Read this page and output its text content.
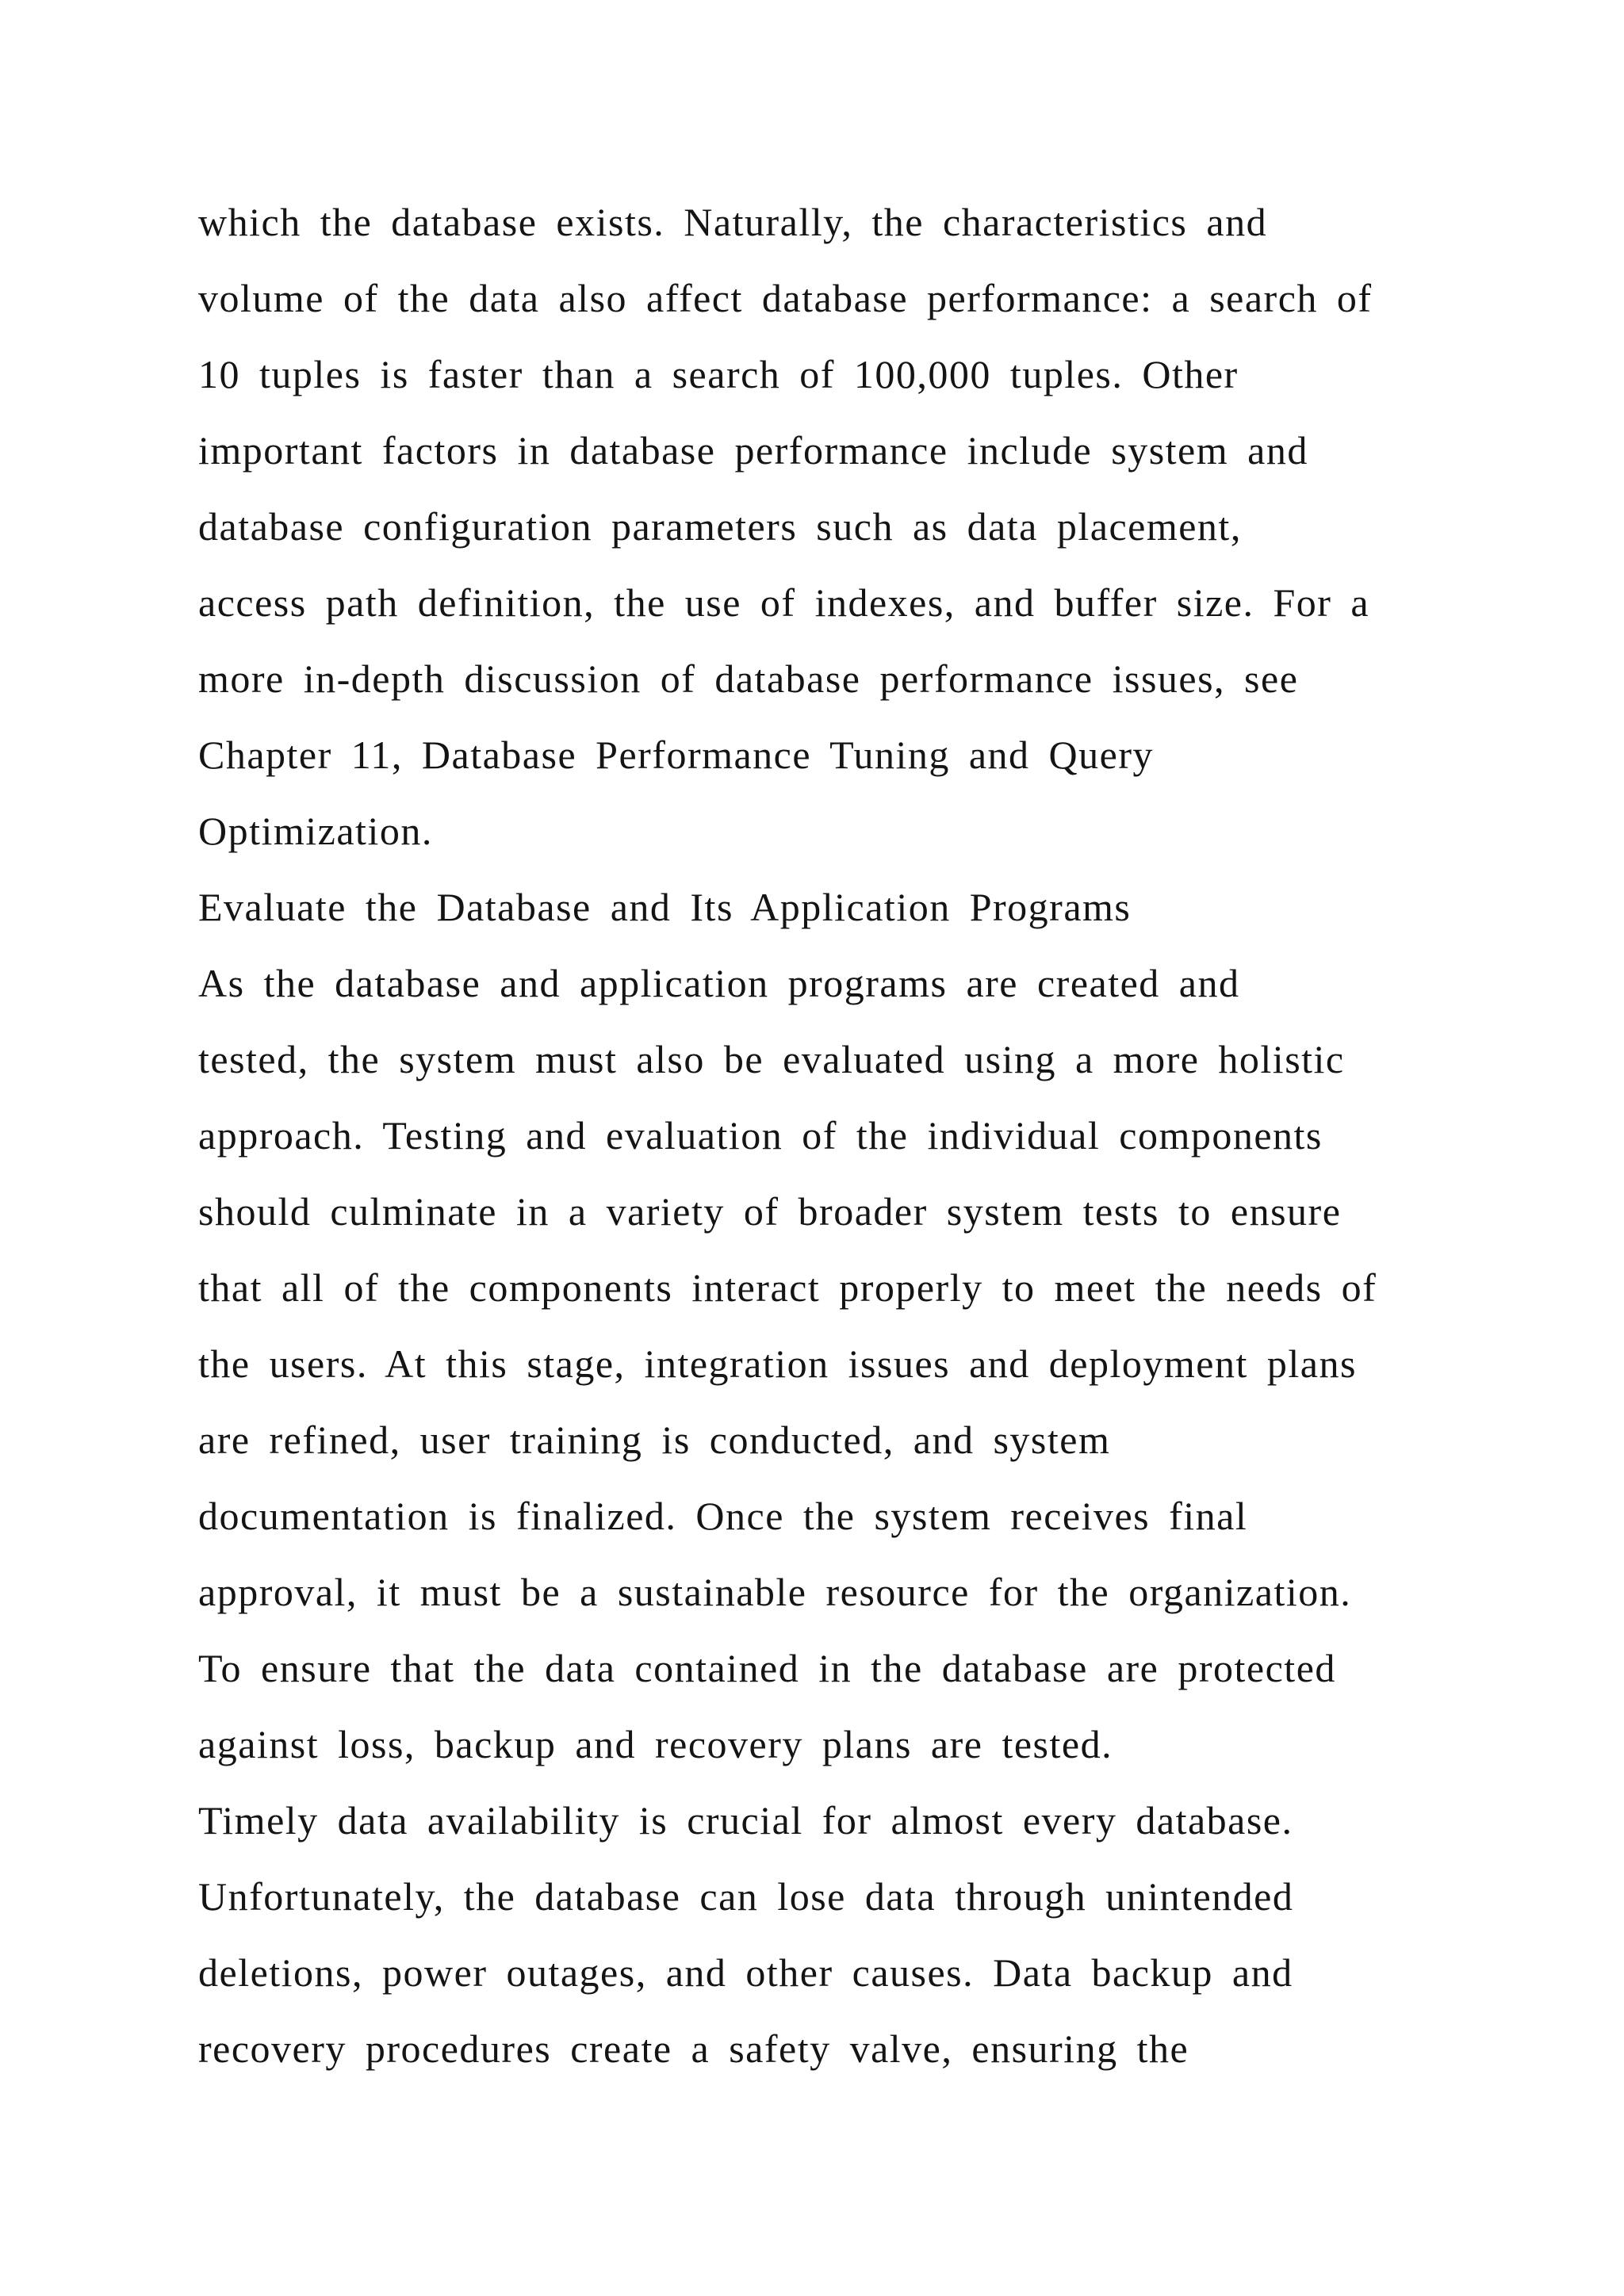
which the database exists. Naturally, the characteristics and
volume of the data also affect database performance: a search of
10 tuples is faster than a search of 100,000 tuples. Other
important factors in database performance include system and
database configuration parameters such as data placement,
access path definition, the use of indexes, and buffer size. For a
more in-depth discussion of database performance issues, see
Chapter 11, Database Performance Tuning and Query
Optimization.
Evaluate the Database and Its Application Programs
As the database and application programs are created and
tested, the system must also be evaluated using a more holistic
approach. Testing and evaluation of the individual components
should culminate in a variety of broader system tests to ensure
that all of the components interact properly to meet the needs of
the users. At this stage, integration issues and deployment plans
are refined, user training is conducted, and system
documentation is finalized. Once the system receives final
approval, it must be a sustainable resource for the organization.
To ensure that the data contained in the database are protected
against loss, backup and recovery plans are tested.
Timely data availability is crucial for almost every database.
Unfortunately, the database can lose data through unintended
deletions, power outages, and other causes. Data backup and
recovery procedures create a safety valve, ensuring the
